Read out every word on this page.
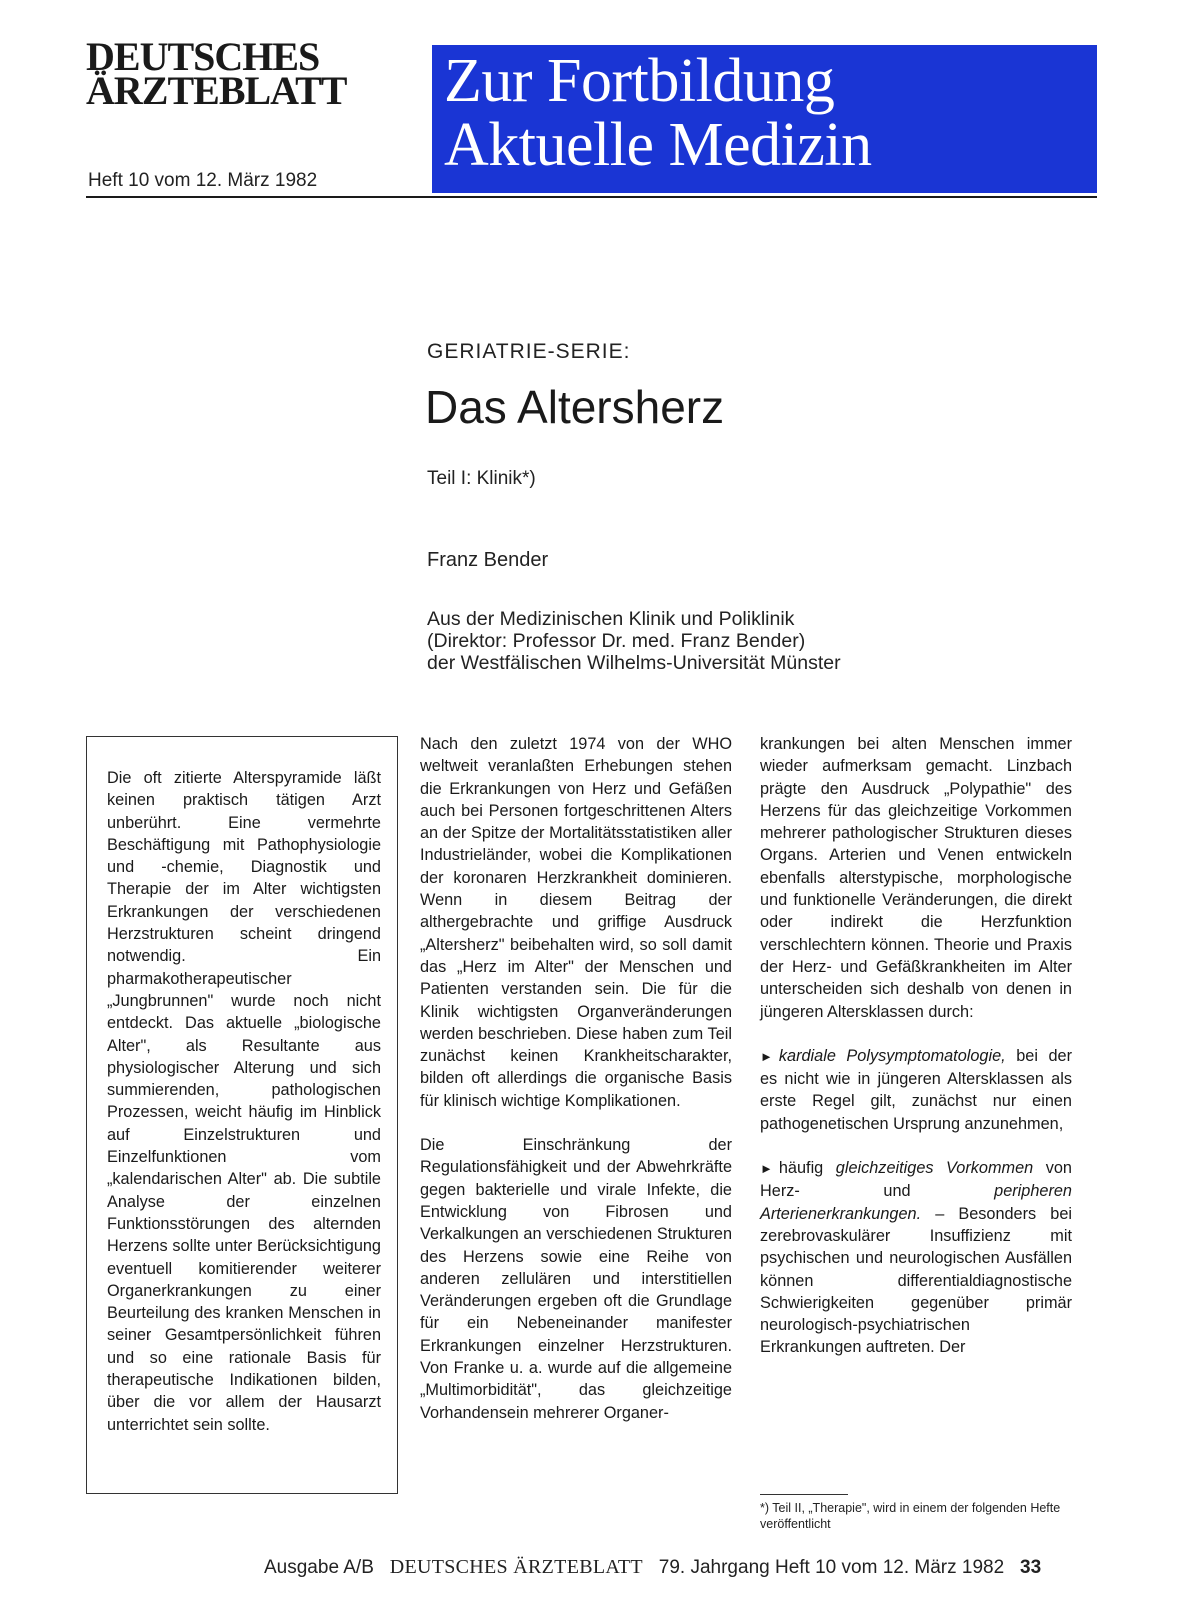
DEUTSCHES
ÄRZTEBLATT
Heft 10 vom 12. März 1982
Zur Fortbildung
Aktuelle Medizin
GERIATRIE-SERIE:
Das Altersherz
Teil I: Klinik*)
Franz Bender
Aus der Medizinischen Klinik und Poliklinik
(Direktor: Professor Dr. med. Franz Bender)
der Westfälischen Wilhelms-Universität Münster
Die oft zitierte Alterspyramide läßt keinen praktisch tätigen Arzt unberührt. Eine vermehrte Beschäftigung mit Pathophysiologie und -chemie, Diagnostik und Therapie der im Alter wichtigsten Erkrankungen der verschiedenen Herzstrukturen scheint dringend notwendig. Ein pharmakotherapeutischer „Jungbrunnen" wurde noch nicht entdeckt. Das aktuelle „biologische Alter", als Resultante aus physiologischer Alterung und sich summierenden, pathologischen Prozessen, weicht häufig im Hinblick auf Einzelstrukturen und Einzelfunktionen vom „kalendarischen Alter" ab. Die subtile Analyse der einzelnen Funktionsstörungen des alternden Herzens sollte unter Berücksichtigung eventuell komitierender weiterer Organerkrankungen zu einer Beurteilung des kranken Menschen in seiner Gesamtpersönlichkeit führen und so eine rationale Basis für therapeutische Indikationen bilden, über die vor allem der Hausarzt unterrichtet sein sollte.

Nach den zuletzt 1974 von der WHO weltweit veranlaßten Erhebungen stehen die Erkrankungen von Herz und Gefäßen auch bei Personen fortgeschrittenen Alters an der Spitze der Mortalitätsstatistiken aller Industrieländer, wobei die Komplikationen der koronaren Herzkrankheit dominieren. Wenn in diesem Beitrag der althergebrachte und griffige Ausdruck „Altersherz" beibehalten wird, so soll damit das „Herz im Alter" der Menschen und Patienten verstanden sein. Die für die Klinik wichtigsten Organveränderungen werden beschrieben. Diese haben zum Teil zunächst keinen Krankheitscharakter, bilden oft allerdings die organische Basis für klinisch wichtige Komplikationen.

Die Einschränkung der Regulationsfähigkeit und der Abwehrkräfte gegen bakterielle und virale Infekte, die Entwicklung von Fibrosen und Verkalkungen an verschiedenen Strukturen des Herzens sowie eine Reihe von anderen zellulären und interstitiellen Veränderungen ergeben oft die Grundlage für ein Nebeneinander manifester Erkrankungen einzelner Herzstrukturen. Von Franke u. a. wurde auf die allgemeine „Multimorbidität", das gleichzeitige Vorhandensein mehrerer Organer-

krankungen bei alten Menschen immer wieder aufmerksam gemacht. Linzbach prägte den Ausdruck „Polypathie" des Herzens für das gleichzeitige Vorkommen mehrerer pathologischer Strukturen dieses Organs. Arterien und Venen entwickeln ebenfalls alterstypische, morphologische und funktionelle Veränderungen, die direkt oder indirekt die Herzfunktion verschlechtern können. Theorie und Praxis der Herz- und Gefäßkrankheiten im Alter unterscheiden sich deshalb von denen in jüngeren Altersklassen durch:

► kardiale Polysymptomatologie, bei der es nicht wie in jüngeren Altersklassen als erste Regel gilt, zunächst nur einen pathogenetischen Ursprung anzunehmen,

► häufig gleichzeitiges Vorkommen von Herz- und peripheren Arterienerkrankungen. – Besonders bei zerebrovaskulärer Insuffizienz mit psychischen und neurologischen Ausfällen können differentialdiagnostische Schwierigkeiten gegenüber primär neurologisch-psychiatrischen Erkrankungen auftreten. Der

*) Teil II, „Therapie", wird in einem der folgenden Hefte veröffentlicht
Ausgabe A/B DEUTSCHES ÄRZTEBLATT 79. Jahrgang Heft 10 vom 12. März 1982 33
